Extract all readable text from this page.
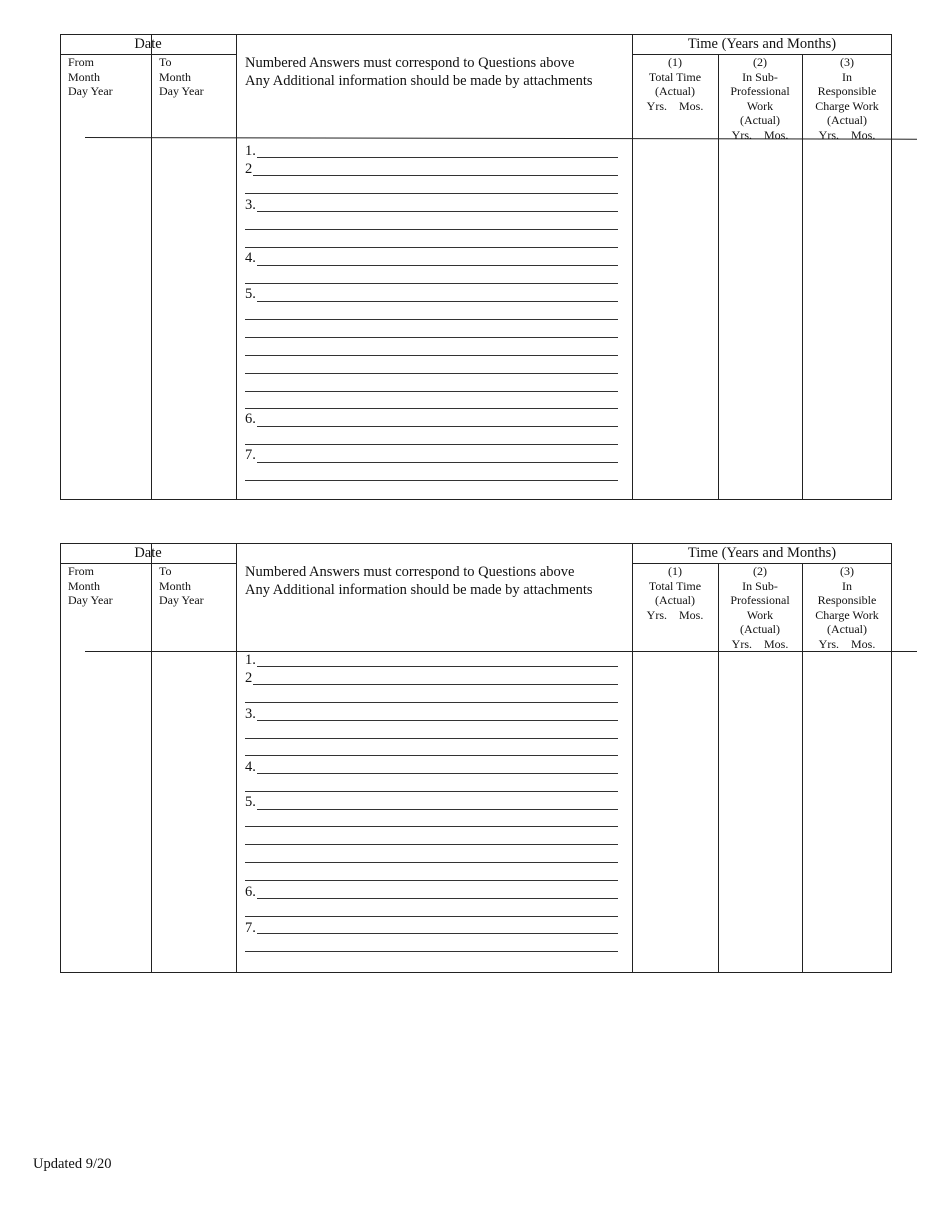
Date
From
Month
Day Year
To
Month
Day Year
Numbered Answers must correspond to Questions above
Any Additional information should be made by attachments
Time (Years and Months)
(1)
Total Time
(Actual)
Yrs.    Mos.
(2)
In Sub-
Professional
Work
(Actual)
Yrs.    Mos.
(3)
In
Responsible
Charge Work
(Actual)
Yrs.    Mos.
1.
2
3.
4.
5.
6.
7.
Date
From
Month
Day Year
To
Month
Day Year
Numbered Answers must correspond to Questions above
Any Additional information should be made by attachments
Time (Years and Months)
(1)
Total Time
(Actual)
Yrs.    Mos.
(2)
In Sub-
Professional
Work
(Actual)
Yrs.    Mos.
(3)
In
Responsible
Charge Work
(Actual)
Yrs.    Mos.
1.
2
3.
4.
5.
6.
7.
Updated 9/20
